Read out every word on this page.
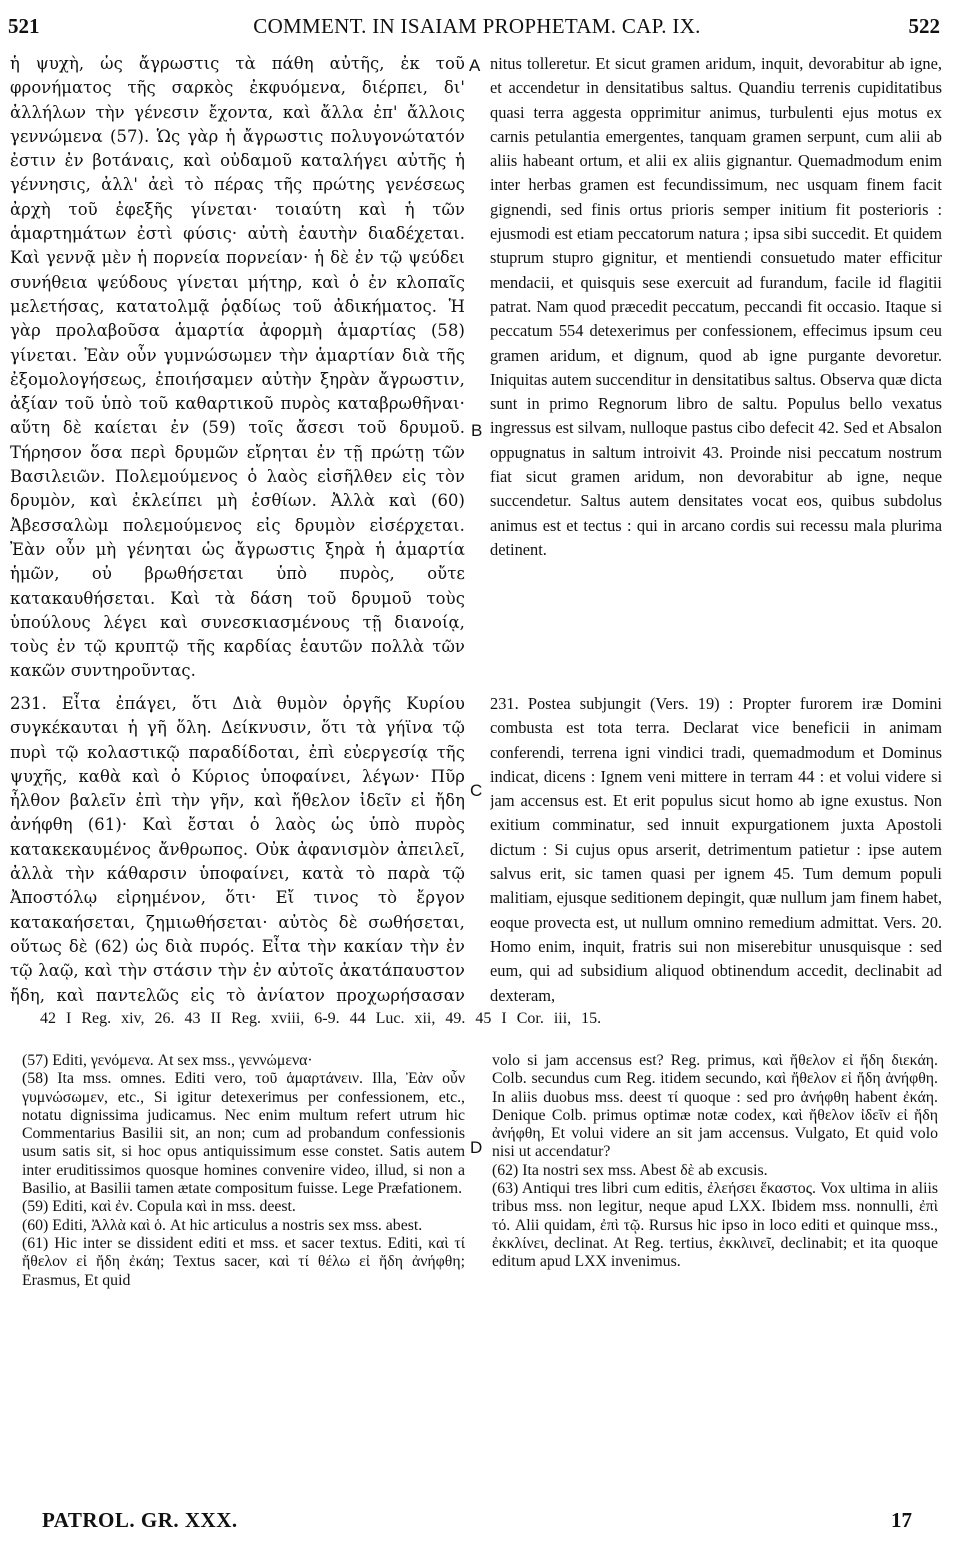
521	COMMENT. IN ISAIAM PROPHETAM. CAP. IX.	522

ἡ ψυχὴ, ὡς ἄγρωστις τὰ πάθη αὐτῆς, ἐκ τοῦ φρονήματος τῆς σαρκὸς ἐκφυόμενα, διέρπει, δι' ἀλλήλων τὴν γένεσιν ἔχοντα, καὶ ἄλλα ἐπ' ἄλλοις γεννώμενα (57). Ὡς γὰρ ἡ ἄγρωστις πολυγονώτατόν ἐστιν ἐν βοτάναις, καὶ οὐδαμοῦ καταλήγει αὐτῆς ἡ γέννησις, ἀλλ' ἀεὶ τὸ πέρας τῆς πρώτης γενέσεως ἀρχὴ τοῦ ἐφεξῆς γίνεται· τοιαύτη καὶ ἡ τῶν ἁμαρτημάτων ἐστὶ φύσις· αὐτὴ ἑαυτὴν διαδέχεται. Καὶ γεννᾷ μὲν ἡ πορνεία πορνείαν· ἡ δὲ ἐν τῷ ψεύδει συνήθεια ψεύδους γίνεται μήτηρ, καὶ ὁ ἐν κλοπαῖς μελετήσας, κατατολμᾷ ῥᾳδίως τοῦ ἀδικήματος. Ἡ γὰρ προλαβοῦσα ἁμαρτία ἀφορμὴ ἁμαρτίας (58) γίνεται. Ἐὰν οὖν γυμνώσωμεν τὴν ἁμαρτίαν διὰ τῆς ἐξομολογήσεως, ἐποιήσαμεν αὐτὴν ξηρὰν ἄγρωστιν, ἀξίαν τοῦ ὑπὸ τοῦ καθαρτικοῦ πυρὸς καταβρωθῆναι· αὕτη δὲ καίεται ἐν (59) τοῖς ἄσεσι τοῦ δρυμοῦ. Τήρησον ὅσα περὶ δρυμῶν εἴρηται ἐν τῇ πρώτῃ τῶν Βασιλειῶν. Πολεμούμενος ὁ λαὸς εἰσῆλθεν εἰς τὸν δρυμὸν, καὶ ἐκλείπει μὴ ἐσθίων. Ἀλλὰ καὶ (60) Ἀβεσσαλὼμ πολεμούμενος εἰς δρυμὸν εἰσέρχεται. Ἐὰν οὖν μὴ γένηται ὡς ἄγρωστις ξηρὰ ἡ ἁμαρτία ἡμῶν, οὐ βρωθήσεται ὑπὸ πυρὸς, οὔτε κατακαυθήσεται. Καὶ τὰ δάση τοῦ δρυμοῦ τοὺς ὑπούλους λέγει καὶ συνεσκιασμένους τῇ διανοίᾳ, τοὺς ἐν τῷ κρυπτῷ τῆς καρδίας ἑαυτῶν πολλὰ τῶν κακῶν συντηροῦντας.

231. Εἶτα ἐπάγει, ὅτι Διὰ θυμὸν ὀργῆς Κυρίου συγκέκαυται ἡ γῆ ὅλη. Δείκνυσιν, ὅτι τὰ γήϊνα τῷ πυρὶ τῷ κολαστικῷ παραδίδοται, ἐπὶ εὐεργεσίᾳ τῆς ψυχῆς, καθὰ καὶ ὁ Κύριος ὑποφαίνει, λέγων· Πῦρ ἦλθον βαλεῖν ἐπὶ τὴν γῆν, καὶ ἤθελον ἰδεῖν εἰ ἤδη ἀνήφθη (61)· Καὶ ἔσται ὁ λαὸς ὡς ὑπὸ πυρὸς κατακεκαυμένος ἄνθρωπος. Οὐκ ἀφανισμὸν ἀπειλεῖ, ἀλλὰ τὴν κάθαρσιν ὑποφαίνει, κατὰ τὸ παρὰ τῷ Ἀποστόλῳ εἰρημένον, ὅτι· Εἴ τινος τὸ ἔργον κατακαήσεται, ζημιωθήσεται· αὐτὸς δὲ σωθήσεται, οὕτως δὲ (62) ὡς διὰ πυρός. Εἶτα τὴν κακίαν τὴν ἐν τῷ λαῷ, καὶ τὴν στάσιν τὴν ἐν αὐτοῖς ἀκατάπαυστον ἤδη, καὶ παντελῶς εἰς τὸ ἀνίατον προχωρήσασαν

A
B
C
D

nitus tolleretur. Et sicut gramen aridum, inquit, devorabitur ab igne, et accendetur in densitatibus saltus. Quandiu terrenis cupiditatibus quasi terra aggesta opprimitur animus, turbulenti ejus motus ex carnis petulantia emergentes, tanquam gramen serpunt, cum alii ab aliis habeant ortum, et alii ex aliis gignantur. Quemadmodum enim inter herbas gramen est fecundissimum, nec usquam finem facit gignendi, sed finis ortus prioris semper initium fit posterioris : ejusmodi est etiam peccatorum natura ; ipsa sibi succedit. Et quidem stuprum stupro gignitur, et mentiendi consuetudo mater efficitur mendacii, et quisquis sese exercuit ad furandum, facile id flagitii patrat. Nam quod præcedit peccatum, peccandi fit occasio. Itaque si peccatum 554 detexerimus per confessionem, effecimus ipsum ceu gramen aridum, et dignum, quod ab igne purgante devoretur. Iniquitas autem succenditur in densitatibus saltus. Observa quæ dicta sunt in primo Regnorum libro de saltu. Populus bello vexatus ingressus est silvam, nulloque pastus cibo defecit 42. Sed et Absalon oppugnatus in saltum introivit 43. Proinde nisi peccatum nostrum fiat sicut gramen aridum, non devorabitur ab igne, neque succendetur. Saltus autem densitates vocat eos, quibus subdolus animus est et tectus : qui in arcano cordis sui recessu mala plurima detinent.

231. Postea subjungit (Vers. 19) : Propter furorem iræ Domini combusta est tota terra. Declarat vice beneficii in animam conferendi, terrena igni vindici tradi, quemadmodum et Dominus indicat, dicens : Ignem veni mittere in terram 44 : et volui videre si jam accensus est. Et erit populus sicut homo ab igne exustus. Non exitium comminatur, sed innuit expurgationem juxta Apostoli dictum : Si cujus opus arserit, detrimentum patietur : ipse autem salvus erit, sic tamen quasi per ignem 45. Tum demum populi malitiam, ejusque seditionem depingit, quæ nullum jam finem habet, eoque provecta est, ut nullum omnino remedium admittat. Vers. 20. Homo enim, inquit, fratris sui non miserebitur unusquisque : sed eum, qui ad subsidium aliquod obtinendum accedit, declinabit ad dexteram,

42 I Reg. xiv, 26. 43 II Reg. xviii, 6-9. 44 Luc. xii, 49. 45 I Cor. iii, 15.

(57) Editi, γενόμενα. At sex mss., γεννώμενα·

(58) Ita mss. omnes. Editi vero, τοῦ ἁμαρτάνειν. Illa, Ἐὰν οὖν γυμνώσωμεν, etc., Si igitur detexerimus per confessionem, etc., notatu dignissima judicamus. Nec enim multum refert utrum hic Commentarius Basilii sit, an non; cum ad probandum confessionis usum satis sit, si hoc opus antiquissimum esse constet. Satis autem inter eruditissimos quosque homines convenire video, illud, si non a Basilio, at Basilii tamen ætate compositum fuisse. Lege Præfationem.

(59) Editi, καὶ ἐν. Copula καὶ in mss. deest.

(60) Editi, Ἀλλὰ καὶ ὁ. At hic articulus a nostris sex mss. abest.

(61) Hic inter se dissident editi et mss. et sacer textus. Editi, καὶ τί ἤθελον εἰ ἤδη ἐκάη; Textus sacer, καὶ τί θέλω εἰ ἤδη ἀνήφθη; Erasmus, Et quid

volo si jam accensus est? Reg. primus, καὶ ἤθελον εἰ ἤδη διεκάη. Colb. secundus cum Reg. itidem secundo, καὶ ἤθελον εἰ ἤδη ἀνήφθη. In aliis duobus mss. deest τί quoque : sed pro ἀνήφθη habent ἐκάη. Denique Colb. primus optimæ notæ codex, καὶ ἤθελον ἰδεῖν εἰ ἤδη ἀνήφθη, Et volui videre an sit jam accensus. Vulgato, Et quid volo nisi ut accendatur?

(62) Ita nostri sex mss. Abest δὲ ab excusis.

(63) Antiqui tres libri cum editis, ἐλεήσει ἕκαστος. Vox ultima in aliis tribus mss. non legitur, neque apud LXX. Ibidem mss. nonnulli, ἐπὶ τό. Alii quidam, ἐπὶ τῷ. Rursus hic ipso in loco editi et quinque mss., ἐκκλίνει, declinat. At Reg. tertius, ἐκκλινεῖ, declinabit; et ita quoque editum apud LXX invenimus.

PATROL. GR. XXX.	17
